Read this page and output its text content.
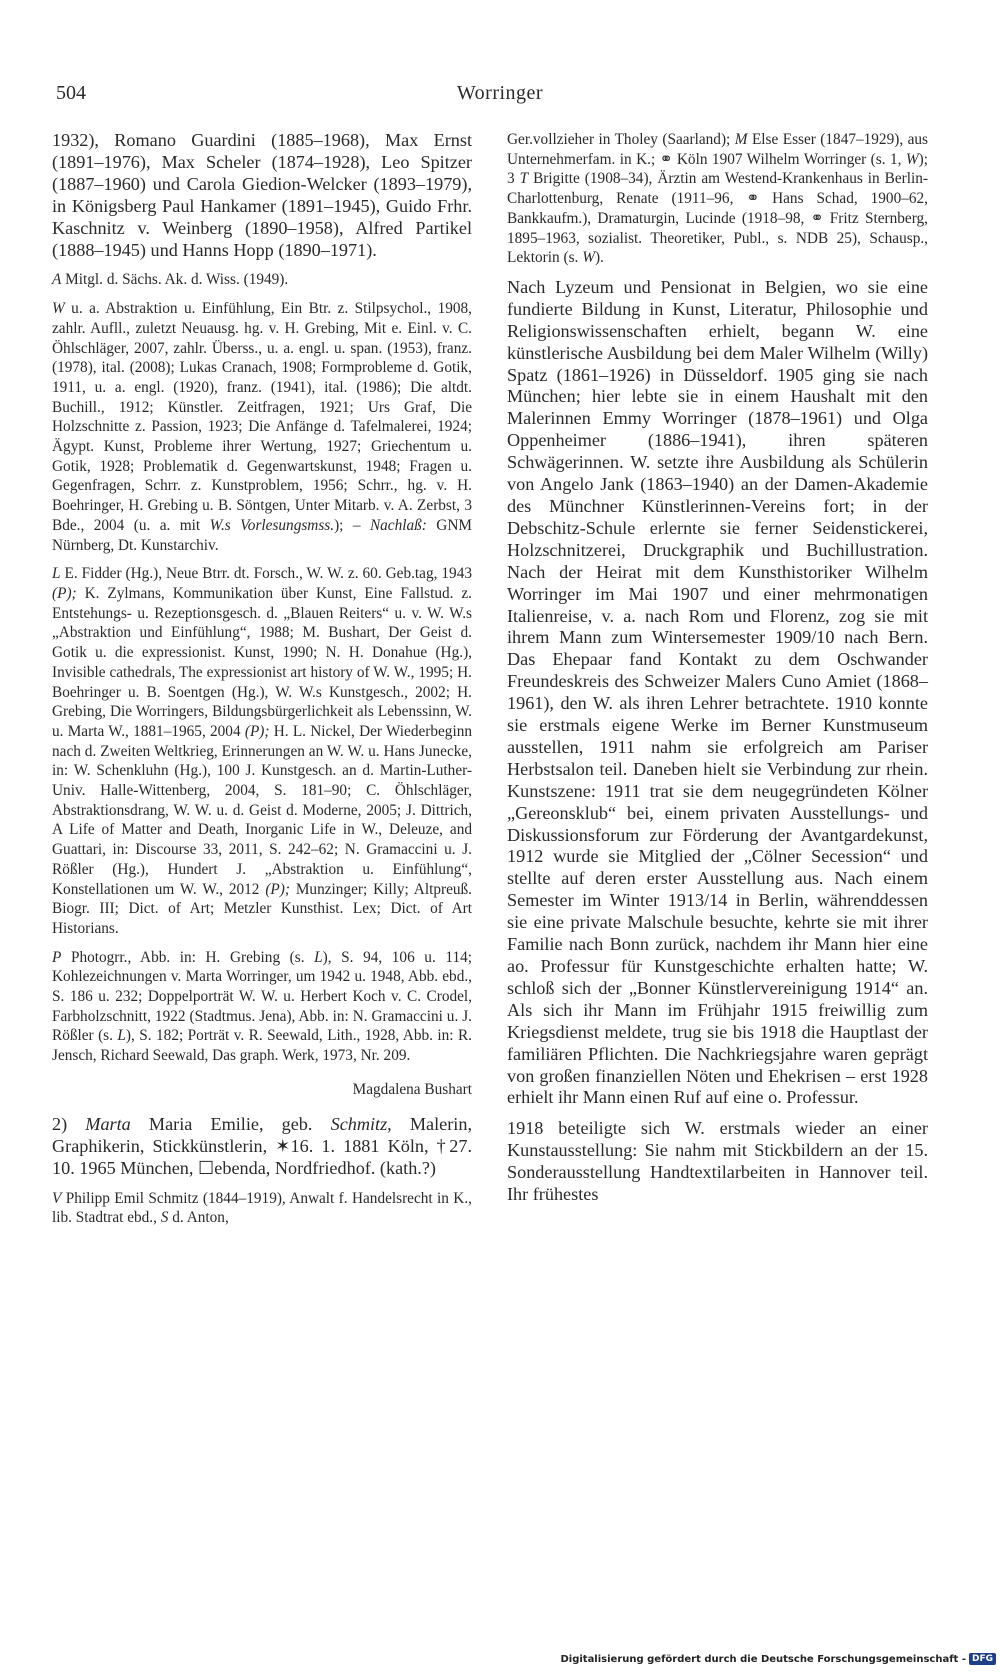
504	Worringer

1932), Romano Guardini (1885–1968), Max Ernst (1891–1976), Max Scheler (1874–1928), Leo Spitzer (1887–1960) und Carola Giedion-Welcker (1893–1979), in Königsberg Paul Hankamer (1891–1945), Guido Frhr. Kaschnitz v. Weinberg (1890–1958), Alfred Partikel (1888–1945) und Hanns Hopp (1890–1971).

A Mitgl. d. Sächs. Ak. d. Wiss. (1949).

W u. a. Abstraktion u. Einfühlung, Ein Btr. z. Stilpsychol., 1908, zahlr. Aufll., zuletzt Neuausg. hg. v. H. Grebing, Mit e. Einl. v. C. Öhlschläger, 2007, zahlr. Überss., u. a. engl. u. span. (1953), franz. (1978), ital. (2008); Lukas Cranach, 1908; Formprobleme d. Gotik, 1911, u. a. engl. (1920), franz. (1941), ital. (1986); Die altdt. Buchill., 1912; Künstler. Zeitfragen, 1921; Urs Graf, Die Holzschnitte z. Passion, 1923; Die Anfänge d. Tafelmalerei, 1924; Ägypt. Kunst, Probleme ihrer Wertung, 1927; Griechentum u. Gotik, 1928; Problematik d. Gegenwartskunst, 1948; Fragen u. Gegenfragen, Schrr. z. Kunstproblem, 1956; Schrr., hg. v. H. Boehringer, H. Grebing u. B. Söntgen, Unter Mitarb. v. A. Zerbst, 3 Bde., 2004 (u. a. mit W.s Vorlesungsmss.); – Nachlaß: GNM Nürnberg, Dt. Kunstarchiv.

L E. Fidder (Hg.), Neue Btrr. dt. Forsch., W. W. z. 60. Geb.tag, 1943 (P); K. Zylmans, Kommunikation über Kunst, Eine Fallstud. z. Entstehungs- u. Rezeptionsgesch. d. „Blauen Reiters“ u. v. W. W.s „Abstraktion und Einfühlung“, 1988; M. Bushart, Der Geist d. Gotik u. die expressionist. Kunst, 1990; N. H. Donahue (Hg.), Invisible cathedrals, The expressionist art history of W. W., 1995; H. Boehringer u. B. Soentgen (Hg.), W. W.s Kunstgesch., 2002; H. Grebing, Die Worringers, Bildungsbürgerlichkeit als Lebenssinn, W. u. Marta W., 1881–1965, 2004 (P); H. L. Nickel, Der Wiederbeginn nach d. Zweiten Weltkrieg, Erinnerungen an W. W. u. Hans Junecke, in: W. Schenkluhn (Hg.), 100 J. Kunstgesch. an d. Martin-Luther-Univ. Halle-Wittenberg, 2004, S. 181–90; C. Öhlschläger, Abstraktionsdrang, W. W. u. d. Geist d. Moderne, 2005; J. Dittrich, A Life of Matter and Death, Inorganic Life in W., Deleuze, and Guattari, in: Discourse 33, 2011, S. 242–62; N. Gramaccini u. J. Rößler (Hg.), Hundert J. „Abstraktion u. Einfühlung“, Konstellationen um W. W., 2012 (P); Munzinger; Killy; Altpreuß. Biogr. III; Dict. of Art; Metzler Kunsthist. Lex; Dict. of Art Historians.

P Photogrr., Abb. in: H. Grebing (s. L), S. 94, 106 u. 114; Kohlezeichnungen v. Marta Worringer, um 1942 u. 1948, Abb. ebd., S. 186 u. 232; Doppelporträt W. W. u. Herbert Koch v. C. Crodel, Farbholzschnitt, 1922 (Stadtmus. Jena), Abb. in: N. Gramaccini u. J. Rößler (s. L), S. 182; Porträt v. R. Seewald, Lith., 1928, Abb. in: R. Jensch, Richard Seewald, Das graph. Werk, 1973, Nr. 209.

Magdalena Bushart

2) Marta Maria Emilie, geb. Schmitz, Malerin, Graphikerin, Stickkünstlerin, ✶16. 1. 1881 Köln, †27. 10. 1965 München, ☐ebenda, Nordfriedhof. (kath.?)

V Philipp Emil Schmitz (1844–1919), Anwalt f. Handelsrecht in K., lib. Stadtrat ebd., S d. Anton,

Ger.vollzieher in Tholey (Saarland); M Else Esser (1847–1929), aus Unternehmerfam. in K.; ⚭ Köln 1907 Wilhelm Worringer (s. 1, W); 3 T Brigitte (1908–34), Ärztin am Westend-Krankenhaus in Berlin-Charlottenburg, Renate (1911–96, ⚭ Hans Schad, 1900–62, Bankkaufm.), Dramaturgin, Lucinde (1918–98, ⚭ Fritz Sternberg, 1895–1963, sozialist. Theoretiker, Publ., s. NDB 25), Schausp., Lektorin (s. W).

Nach Lyzeum und Pensionat in Belgien, wo sie eine fundierte Bildung in Kunst, Literatur, Philosophie und Religionswissenschaften erhielt, begann W. eine künstlerische Ausbildung bei dem Maler Wilhelm (Willy) Spatz (1861–1926) in Düsseldorf. 1905 ging sie nach München; hier lebte sie in einem Haushalt mit den Malerinnen Emmy Worringer (1878–1961) und Olga Oppenheimer (1886–1941), ihren späteren Schwägerinnen. W. setzte ihre Ausbildung als Schülerin von Angelo Jank (1863–1940) an der Damen-Akademie des Münchner Künstlerinnen-Vereins fort; in der Debschitz-Schule erlernte sie ferner Seidenstickerei, Holzschnitzerei, Druckgraphik und Buchillustration. Nach der Heirat mit dem Kunsthistoriker Wilhelm Worringer im Mai 1907 und einer mehrmonatigen Italienreise, v. a. nach Rom und Florenz, zog sie mit ihrem Mann zum Wintersemester 1909/10 nach Bern. Das Ehepaar fand Kontakt zu dem Oschwander Freundeskreis des Schweizer Malers Cuno Amiet (1868–1961), den W. als ihren Lehrer betrachtete. 1910 konnte sie erstmals eigene Werke im Berner Kunstmuseum ausstellen, 1911 nahm sie erfolgreich am Pariser Herbstsalon teil. Daneben hielt sie Verbindung zur rhein. Kunstszene: 1911 trat sie dem neugegründeten Kölner „Gereonsklub“ bei, einem privaten Ausstellungs- und Diskussionsforum zur Förderung der Avantgardekunst, 1912 wurde sie Mitglied der „Cölner Secession“ und stellte auf deren erster Ausstellung aus. Nach einem Semester im Winter 1913/14 in Berlin, währenddessen sie eine private Malschule besuchte, kehrte sie mit ihrer Familie nach Bonn zurück, nachdem ihr Mann hier eine ao. Professur für Kunstgeschichte erhalten hatte; W. schloß sich der „Bonner Künstlervereinigung 1914“ an. Als sich ihr Mann im Frühjahr 1915 freiwillig zum Kriegsdienst meldete, trug sie bis 1918 die Hauptlast der familiären Pflichten. Die Nachkriegsjahre waren geprägt von großen finanziellen Nöten und Ehekrisen – erst 1928 erhielt ihr Mann einen Ruf auf eine o. Professur.

1918 beteiligte sich W. erstmals wieder an einer Kunstausstellung: Sie nahm mit Stickbildern an der 15. Sonderausstellung Handtextilarbeiten in Hannover teil. Ihr frühestes

Digitalisierung gefördert durch die Deutsche Forschungsgemeinschaft - DFG
